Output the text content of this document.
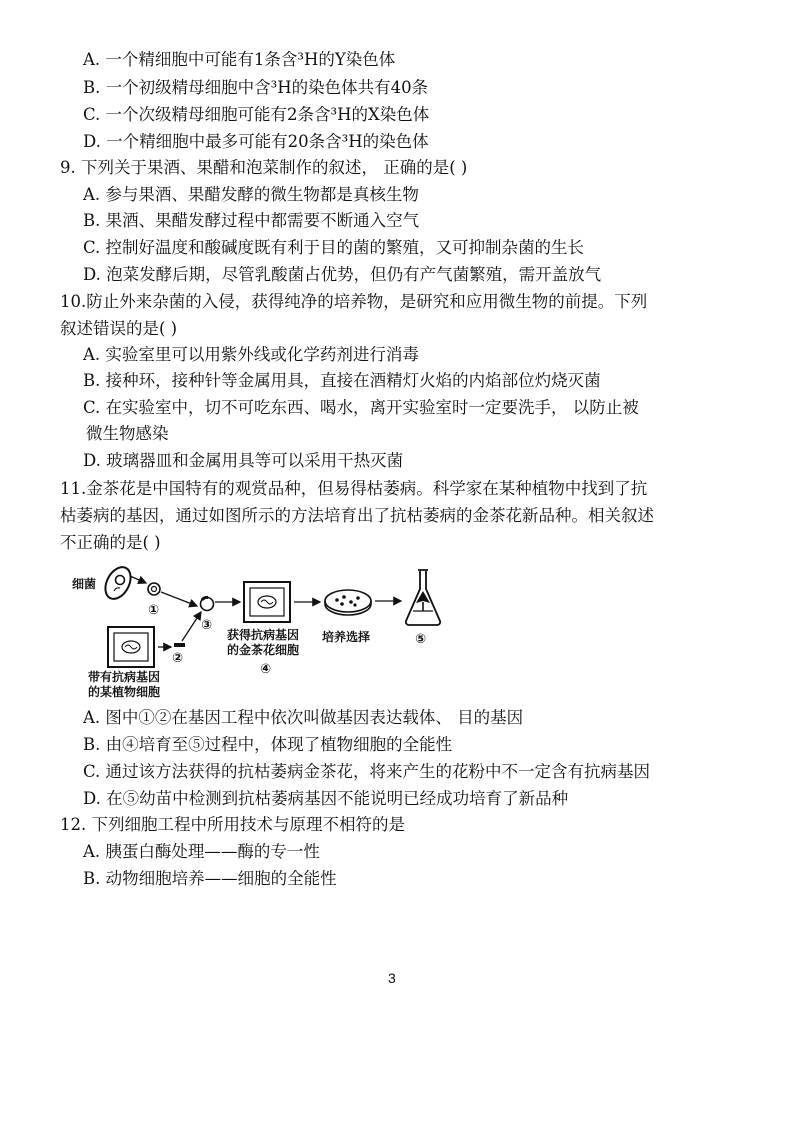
A. 一个精细胞中可能有1条含³H的Y染色体
B. 一个初级精母细胞中含³H的染色体共有40条
C. 一个次级精母细胞可能有2条含³H的X染色体
D. 一个精细胞中最多可能有20条含³H的染色体
9. 下列关于果酒、果醋和泡菜制作的叙述， 正确的是( )
A. 参与果酒、果醋发酵的微生物都是真核生物
B. 果酒、果醋发酵过程中都需要不断通入空气
C. 控制好温度和酸碱度既有利于目的菌的繁殖，又可抑制杂菌的生长
D. 泡菜发酵后期，尽管乳酸菌占优势，但仍有产气菌繁殖，需开盖放气
10.防止外来杂菌的入侵，获得纯净的培养物，是研究和应用微生物的前提。下列
叙述错误的是( )
A. 实验室里可以用紫外线或化学药剂进行消毒
B. 接种环，接种针等金属用具，直接在酒精灯火焰的内焰部位灼烧灭菌
C. 在实验室中，切不可吃东西、喝水，离开实验室时一定要洗手， 以防止被
微生物感染
D. 玻璃器皿和金属用具等可以采用干热灭菌
11.金茶花是中国特有的观赏品种，但易得枯萎病。科学家在某种植物中找到了抗
枯萎病的基因，通过如图所示的方法培育出了抗枯萎病的金茶花新品种。相关叙述
不正确的是( )
细菌
①
③
获得抗病基因
的金茶花细胞
④
培养选择	⑤
②
带有抗病基因
的某植物细胞
A. 图中①②在基因工程中依次叫做基因表达载体、 目的基因
B. 由④培育至⑤过程中，体现了植物细胞的全能性
C. 通过该方法获得的抗枯萎病金茶花，将来产生的花粉中不一定含有抗病基因
D. 在⑤幼苗中检测到抗枯萎病基因不能说明已经成功培育了新品种
12. 下列细胞工程中所用技术与原理不相符的是
A. 胰蛋白酶处理——酶的专一性
B. 动物细胞培养——细胞的全能性
3
